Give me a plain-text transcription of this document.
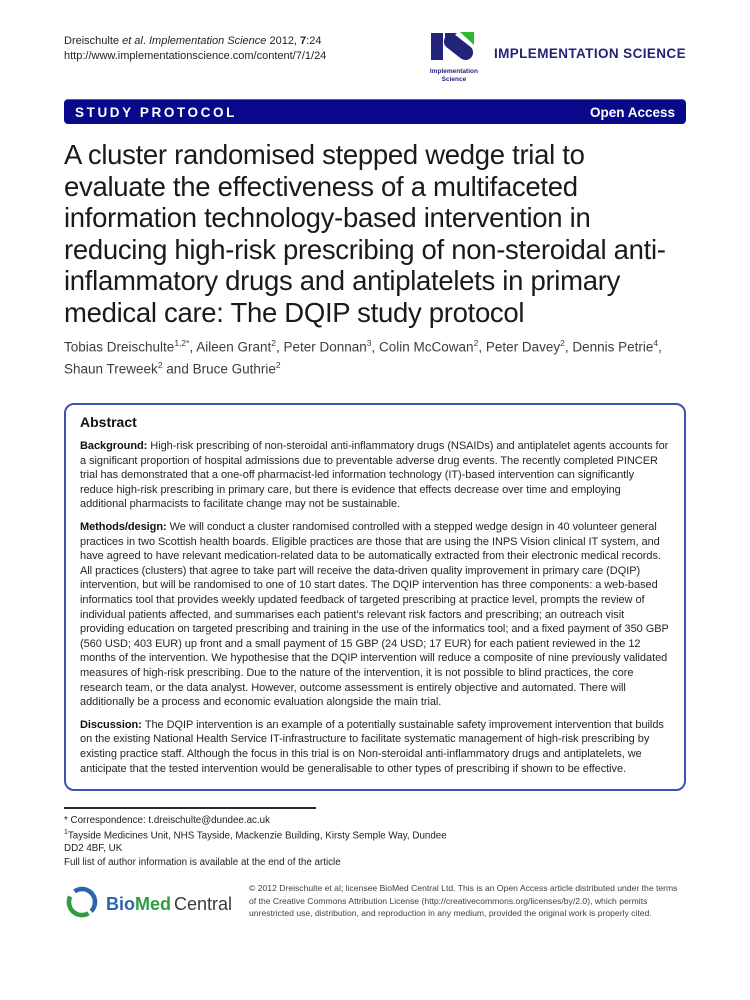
Dreischulte et al. Implementation Science 2012, 7:24
http://www.implementationscience.com/content/7/1/24
Implementation
Science
IMPLEMENTATION SCIENCE
STUDY PROTOCOL	Open Access
A cluster randomised stepped wedge trial to evaluate the effectiveness of a multifaceted information technology-based intervention in reducing high-risk prescribing of non-steroidal anti-inflammatory drugs and antiplatelets in primary medical care: The DQIP study protocol
Tobias Dreischulte$^{1,2*}$, Aileen Grant$^2$, Peter Donnan$^3$, Colin McCowan$^2$, Peter Davey$^2$, Dennis Petrie$^4$, Shaun Treweek$^2$ and Bruce Guthrie$^2$
Abstract

Background: High-risk prescribing of non-steroidal anti-inflammatory drugs (NSAIDs) and antiplatelet agents accounts for a significant proportion of hospital admissions due to preventable adverse drug events. The recently completed PINCER trial has demonstrated that a one-off pharmacist-led information technology (IT)-based intervention can significantly reduce high-risk prescribing in primary care, but there is evidence that effects decrease over time and employing additional pharmacists to facilitate change may not be sustainable.

Methods/design: We will conduct a cluster randomised controlled with a stepped wedge design in 40 volunteer general practices in two Scottish health boards. Eligible practices are those that are using the INPS Vision clinical IT system, and have agreed to have relevant medication-related data to be automatically extracted from their electronic medical records. All practices (clusters) that agree to take part will receive the data-driven quality improvement in primary care (DQIP) intervention, but will be randomised to one of 10 start dates. The DQIP intervention has three components: a web-based informatics tool that provides weekly updated feedback of targeted prescribing at practice level, prompts the review of individual patients affected, and summarises each patient’s relevant risk factors and prescribing; an outreach visit providing education on targeted prescribing and training in the use of the informatics tool; and a fixed payment of 350 GBP (560 USD; 403 EUR) up front and a small payment of 15 GBP (24 USD; 17 EUR) for each patient reviewed in the 12 months of the intervention. We hypothesise that the DQIP intervention will reduce a composite of nine previously validated measures of high-risk prescribing. Due to the nature of the intervention, it is not possible to blind practices, the core research team, or the data analyst. However, outcome assessment is entirely objective and automated. There will additionally be a process and economic evaluation alongside the main trial.

Discussion: The DQIP intervention is an example of a potentially sustainable safety improvement intervention that builds on the existing National Health Service IT-infrastructure to facilitate systematic management of high-risk prescribing by existing practice staff. Although the focus in this trial is on Non-steroidal anti-inflammatory drugs and antiplatelets, we anticipate that the tested intervention would be generalisable to other types of prescribing if shown to be effective.

* Correspondence: t.dreischulte@dundee.ac.uk
$^1$Tayside Medicines Unit, NHS Tayside, Mackenzie Building, Kirsty Semple Way, Dundee DD2 4BF, UK
Full list of author information is available at the end of the article
BioMed Central
© 2012 Dreischulte et al; licensee BioMed Central Ltd. This is an Open Access article distributed under the terms of the Creative Commons Attribution License (http://creativecommons.org/licenses/by/2.0), which permits unrestricted use, distribution, and reproduction in any medium, provided the original work is properly cited.
